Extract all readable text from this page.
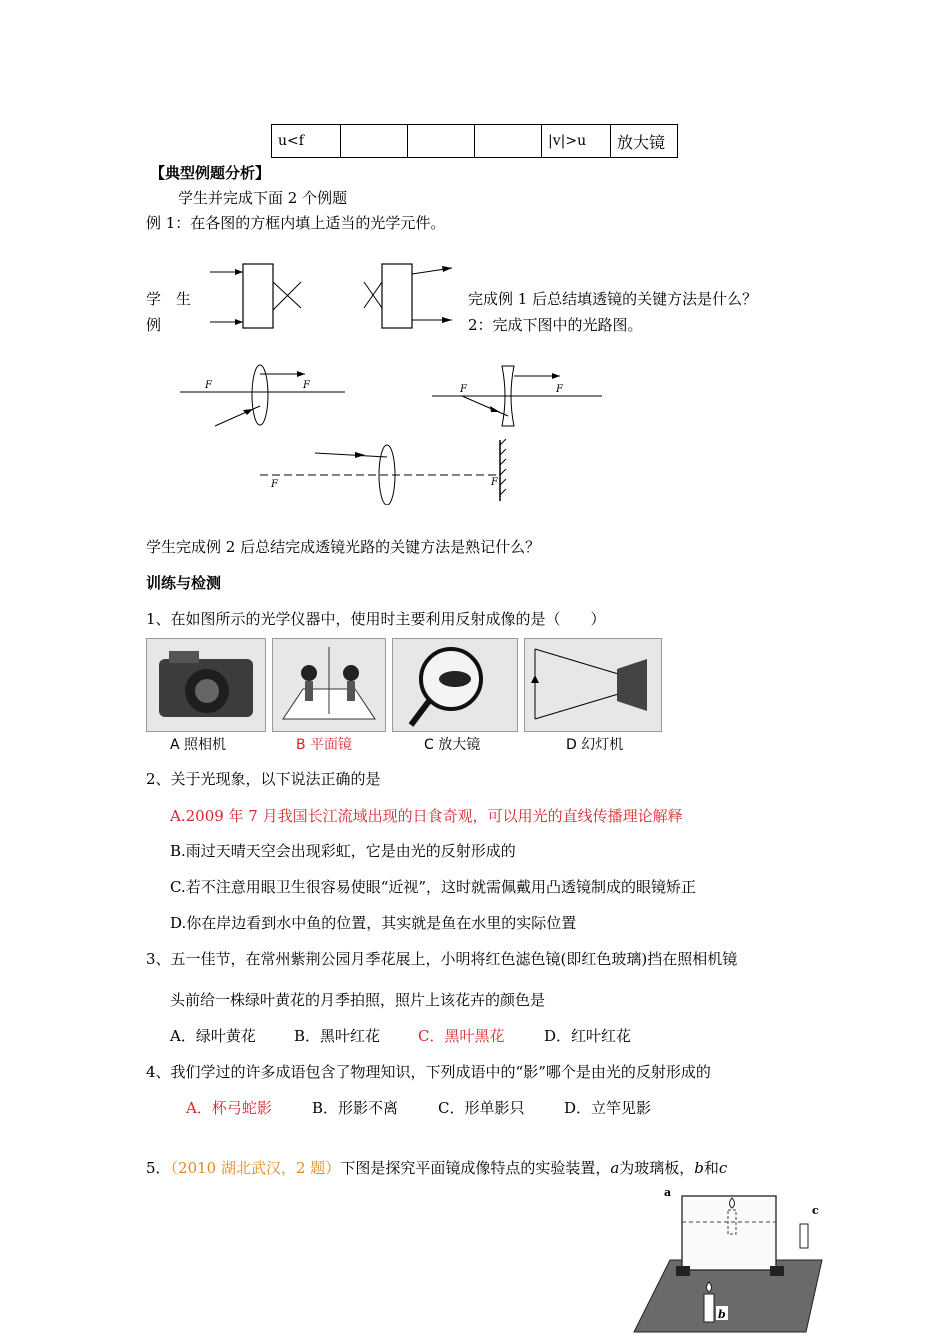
u<f				|v|>u	放大镜
【典型例题分析】
学生并完成下面 2 个例题
例 1：在各图的方框内填上适当的光学元件。
学　生
例
完成例 1 后总结填透镜的关键方法是什么？
2：完成下图中的光路图。
F	F	F	F
F	F
学生完成例 2 后总结完成透镜光路的关键方法是熟记什么？
训练与检测
1、在如图所示的光学仪器中，使用时主要利用反射成像的是（　　）
A 照相机	B 平面镜	C 放大镜	D 幻灯机
2、关于光现象，以下说法正确的是
A.2009 年 7 月我国长江流域出现的日食奇观，可以用光的直线传播理论解释
B.雨过天晴天空会出现彩虹，它是由光的反射形成的
C.若不注意用眼卫生很容易使眼“近视”，这时就需佩戴用凸透镜制成的眼镜矫正
D.你在岸边看到水中鱼的位置，其实就是鱼在水里的实际位置
3、五一佳节，在常州紫荆公园月季花展上，小明将红色滤色镜(即红色玻璃)挡在照相机镜
头前给一株绿叶黄花的月季拍照，照片上该花卉的颜色是
A．绿叶黄花	B．黑叶红花	C．黑叶黑花	D．红叶红花
4、我们学过的许多成语包含了物理知识，下列成语中的“影”哪个是由光的反射形成的
A．杯弓蛇影	B．形影不离	C．形单影只	D．立竿见影
5．（2010 湖北武汉，2 题）下图是探究平面镜成像特点的实验装置，a为玻璃板，b和c
a
c
b
